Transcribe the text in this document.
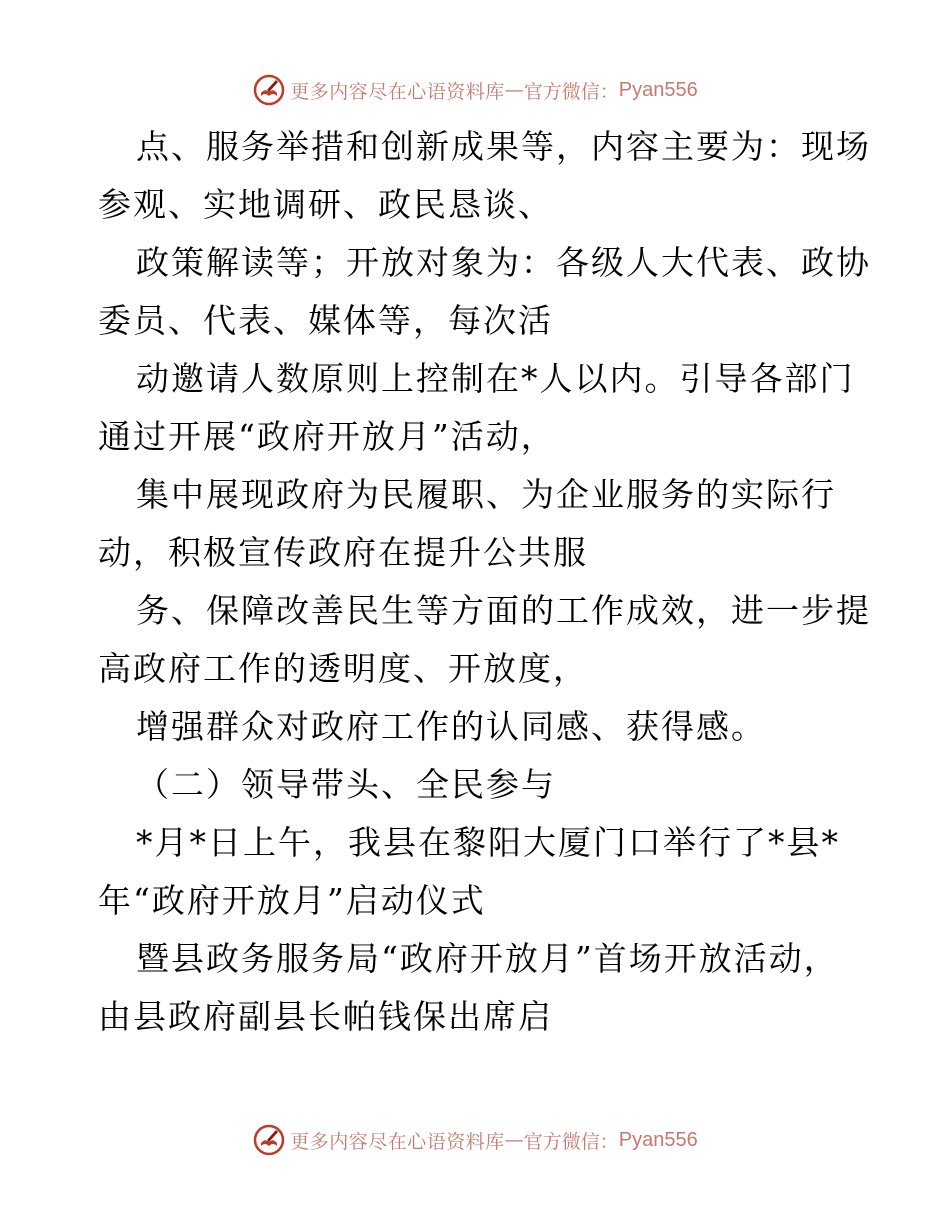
更多内容尽在心语资料库 — 官方微信： Pyan556
点、服务举措和创新成果等，内容主要为：现场
参观、实地调研、政民恳谈、
政策解读等；开放对象为：各级人大代表、政协
委员、代表、媒体等，每次活
动邀请人数原则上控制在*人以内。引导各部门
通过开展“政府开放月”活动，
集中展现政府为民履职、为企业服务的实际行
动，积极宣传政府在提升公共服
务、保障改善民生等方面的工作成效，进一步提
高政府工作的透明度、开放度，
增强群众对政府工作的认同感、获得感。
（二）领导带头、全民参与
*月*日上午，我县在黎阳大厦门口举行了*县*
年“政府开放月”启动仪式
暨县政务服务局“政府开放月”首场开放活动，
由县政府副县长帕钱保出席启
更多内容尽在心语资料库 — 官方微信： Pyan556
